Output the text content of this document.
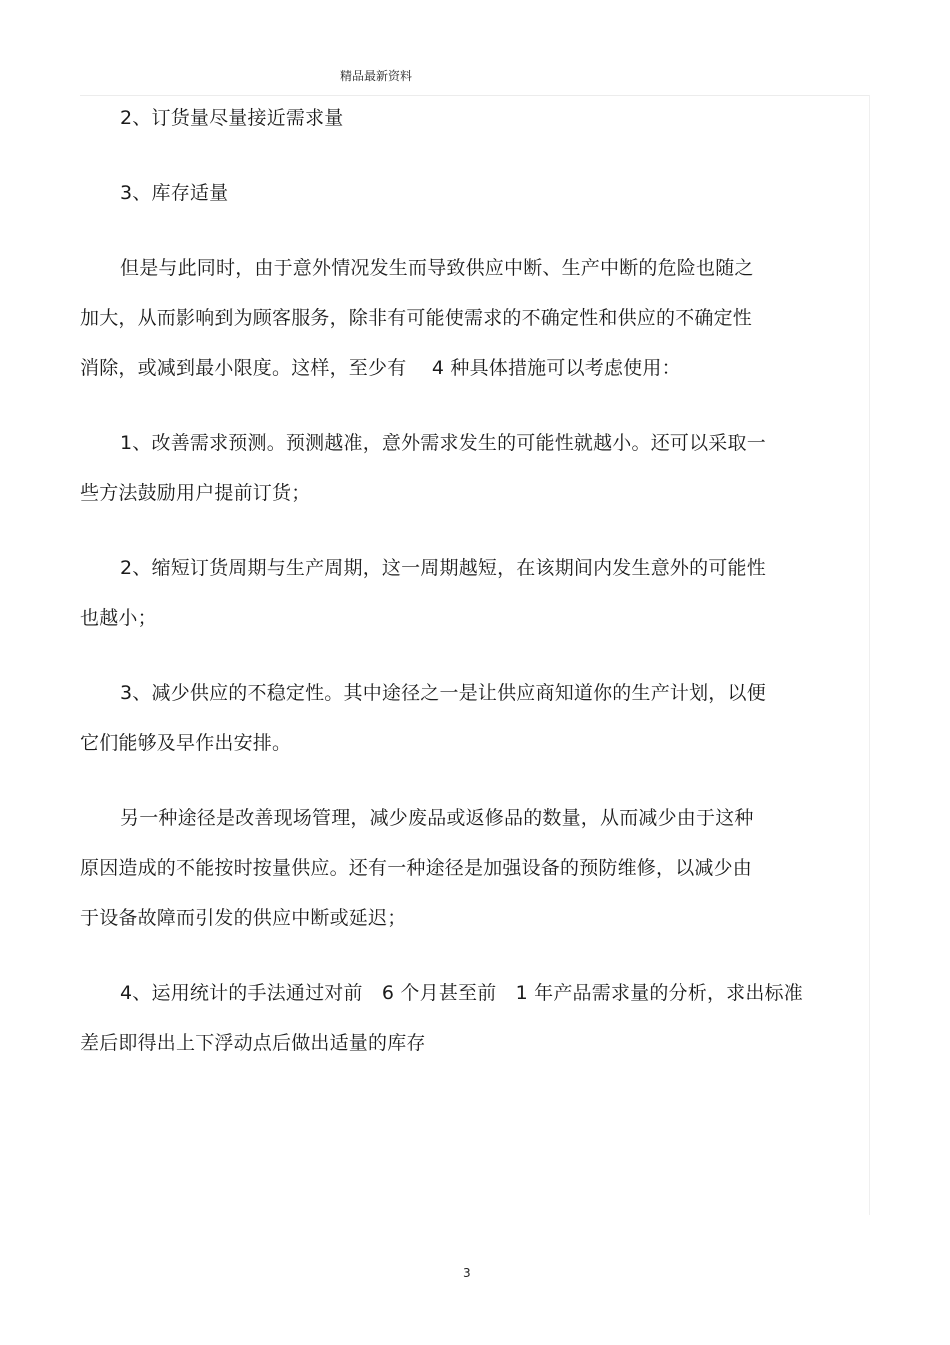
精品最新资料
2、订货量尽量接近需求量
3、库存适量
但是与此同时，由于意外情况发生而导致供应中断、生产中断的危险也随之
加大，从而影响到为顾客服务，除非有可能使需求的不确定性和供应的不确定性
消除，或减到最小限度。这样，至少有　 4 种具体措施可以考虑使用：
1、改善需求预测。预测越准，意外需求发生的可能性就越小。还可以采取一
些方法鼓励用户提前订货；
2、缩短订货周期与生产周期，这一周期越短，在该期间内发生意外的可能性
也越小；
3、减少供应的不稳定性。其中途径之一是让供应商知道你的生产计划，以便
它们能够及早作出安排。
另一种途径是改善现场管理，减少废品或返修品的数量，从而减少由于这种
原因造成的不能按时按量供应。还有一种途径是加强设备的预防维修，以减少由
于设备故障而引发的供应中断或延迟；
4、运用统计的手法通过对前　6 个月甚至前　1 年产品需求量的分析，求出标准
差后即得出上下浮动点后做出适量的库存
3
